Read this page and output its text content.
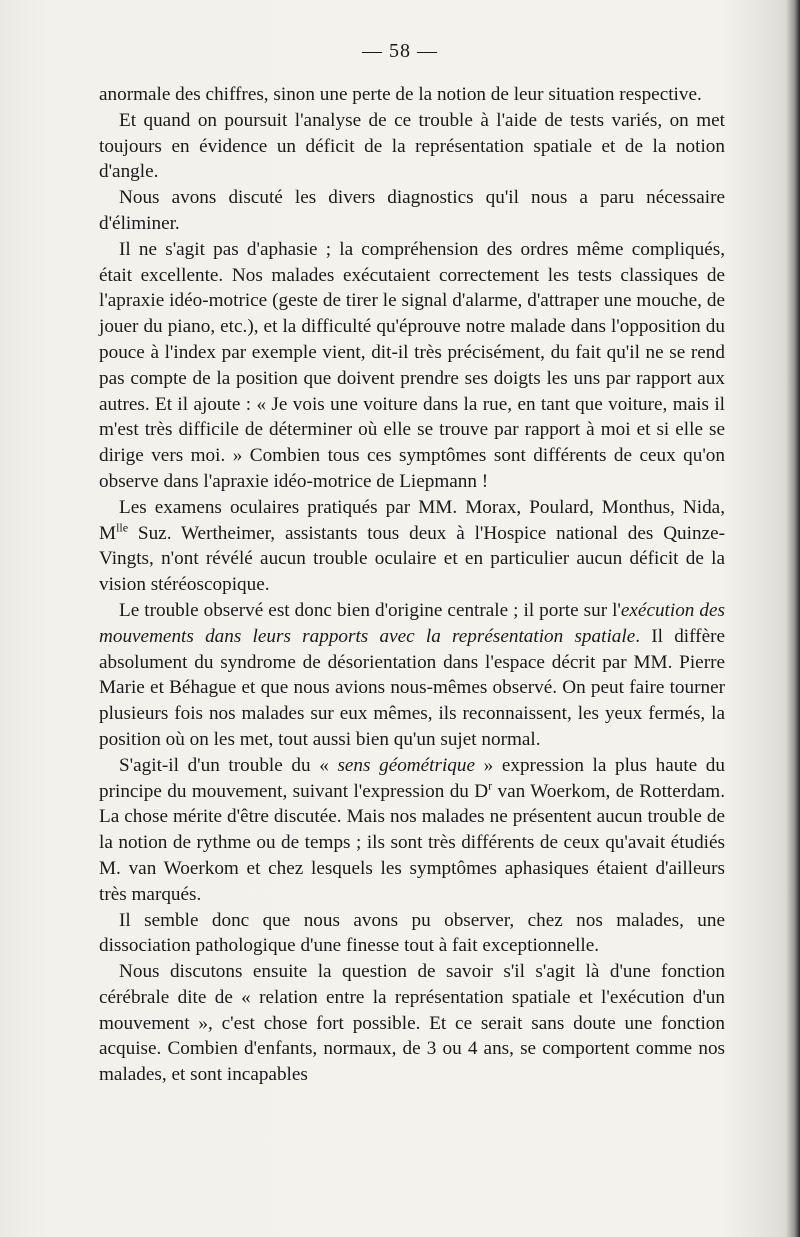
— 58 —

anormale des chiffres, sinon une perte de la notion de leur situation respective.

Et quand on poursuit l'analyse de ce trouble à l'aide de tests variés, on met toujours en évidence un déficit de la représentation spatiale et de la notion d'angle.

Nous avons discuté les divers diagnostics qu'il nous a paru nécessaire d'éliminer.

Il ne s'agit pas d'aphasie ; la compréhension des ordres même compliqués, était excellente. Nos malades exécutaient correctement les tests classiques de l'apraxie idéo-motrice (geste de tirer le signal d'alarme, d'attraper une mouche, de jouer du piano, etc.), et la difficulté qu'éprouve notre malade dans l'opposition du pouce à l'index par exemple vient, dit-il très précisément, du fait qu'il ne se rend pas compte de la position que doivent prendre ses doigts les uns par rapport aux autres. Et il ajoute : « Je vois une voiture dans la rue, en tant que voiture, mais il m'est très difficile de déterminer où elle se trouve par rapport à moi et si elle se dirige vers moi. » Combien tous ces symptômes sont différents de ceux qu'on observe dans l'apraxie idéo-motrice de Liepmann !

Les examens oculaires pratiqués par MM. Morax, Poulard, Monthus, Nida, $M^{lle}$ Suz. Wertheimer, assistants tous deux à l'Hospice national des Quinze-Vingts, n'ont révélé aucun trouble oculaire et en particulier aucun déficit de la vision stéréoscopique.

Le trouble observé est donc bien d'origine centrale ; il porte sur l'exécution des mouvements dans leurs rapports avec la représentation spatiale. Il diffère absolument du syndrome de désorientation dans l'espace décrit par MM. Pierre Marie et Béhague et que nous avions nous-mêmes observé. On peut faire tourner plusieurs fois nos malades sur eux mêmes, ils reconnaissent, les yeux fermés, la position où on les met, tout aussi bien qu'un sujet normal.

S'agit-il d'un trouble du « sens géométrique » expression la plus haute du principe du mouvement, suivant l'expression du $D^r$ van Woerkom, de Rotterdam. La chose mérite d'être discutée. Mais nos malades ne présentent aucun trouble de la notion de rythme ou de temps ; ils sont très différents de ceux qu'avait étudiés M. van Woerkom et chez lesquels les symptômes aphasiques étaient d'ailleurs très marqués.

Il semble donc que nous avons pu observer, chez nos malades, une dissociation pathologique d'une finesse tout à fait exceptionnelle.

Nous discutons ensuite la question de savoir s'il s'agit là d'une fonction cérébrale dite de « relation entre la représentation spatiale et l'exécution d'un mouvement », c'est chose fort possible. Et ce serait sans doute une fonction acquise. Combien d'enfants, normaux, de 3 ou 4 ans, se comportent comme nos malades, et sont incapables
